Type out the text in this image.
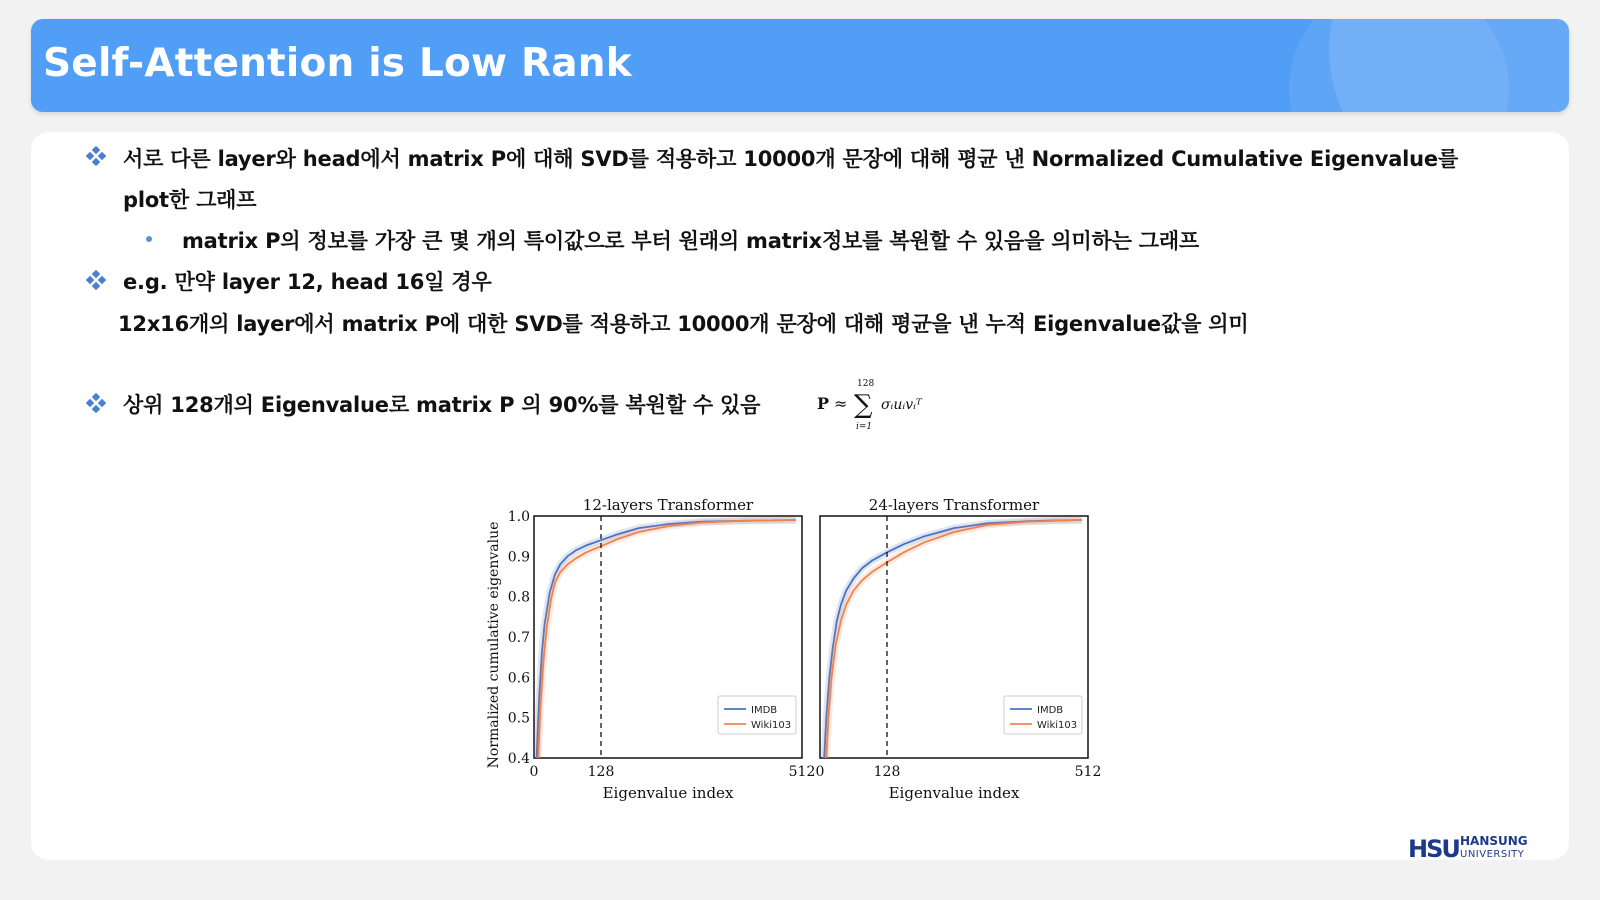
Self-Attention is Low Rank
서로 다른 layer와 head에서 matrix P에 대해 SVD를 적용하고 10000개 문장에 대해 평균 낸 Normalized Cumulative Eigenvalue를
plot한 그래프
matrix P의 정보를 가장 큰 몇 개의 특이값으로 부터 원래의 matrix정보를 복원할 수 있음을 의미하는 그래프
e.g. 만약 layer 12, head 16일 경우
12x16개의 layer에서 matrix P에 대한 SVD를 적용하고 10000개 문장에 대해 평균을 낸 누적 Eigenvalue값을 의미
상위 128개의 Eigenvalue로 matrix P 의 90%를 복원할 수 있음	P ≈
128
∑
i=1
σᵢuᵢvᵢᵀ
12-layers Transformer
0	128	512
0.4
0.5
0.6
0.7
0.8
0.9
1.0
Eigenvalue index
Normalized cumulative eigenvalue	IMDB
Wiki103
24-layers Transformer
0	128	512
Eigenvalue index
IMDB
Wiki103
HSU HANSUNG
UNIVERSITY
